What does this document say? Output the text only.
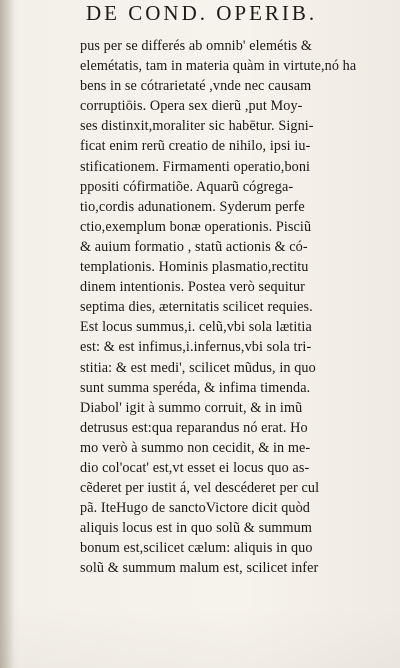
DE COND. OPERIB.
pus per se differés ab omnib' elemétis &
elemétatis, tam in materia quàm in virtute,nó ha
bens in se cótrarietaté ,vnde nec causam
corruptiōis. Opera sex dierũ ,put Moy-
ses distinxit,moraliter sic habētur. Signi-
ficat enim rerũ creatio de nihilo, ipsi iu-
stificationem. Firmamenti operatio,boni
ppositi cófirmatiõe. Aquarũ cógrega-
tio,cordis adunationem. Syderum perfe
ctio,exemplum bonæ operationis. Pisciũ
& auium formatio , statũ actionis & có-
templationis. Hominis plasmatio,rectitu
dinem intentionis. Postea verò sequitur
septima dies, æternitatis scilicet requies.
Est locus summus,i. celũ,vbi sola lætitia
est: & est infimus,i.infernus,vbi sola tri-
stitia: & est medi', scilicet mũdus, in quo
sunt summa speréda, & infima timenda.
Diabol' igit à summo corruit, & in imũ
detrusus est:qua reparandus nó erat. Ho
mo verò à summo non cecidit, & in me-
dio col'ocat' est,vt esset ei locus quo as-
cẽderet per iustit á, vel descéderet per cul
pã. IteHugo de sanctoVictore dicit quòd
aliquis locus est in quo solũ & summum
bonum est,scilicet cælum: aliquis in quo
solũ & summum malum est, scilicet infer
